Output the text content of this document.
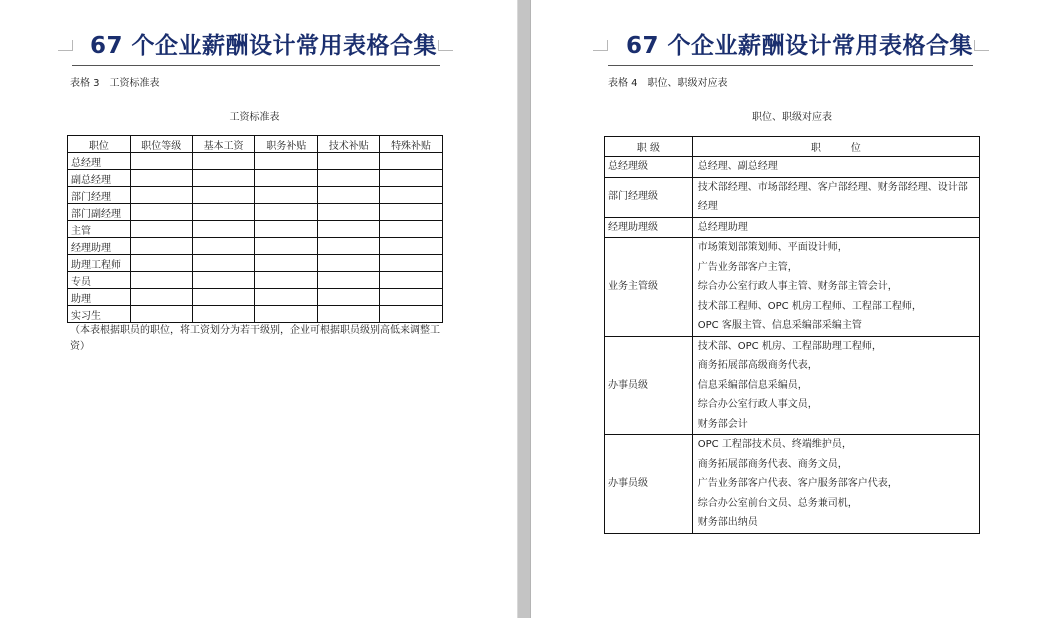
67 个企业薪酬设计常用表格合集
表格 3　工资标准表
工资标准表
职位	职位等级	基本工资	职务补贴	技术补贴	特殊补贴
总经理					
副总经理					
部门经理					
部门副经理					
主管					
经理助理					
助理工程师					
专员					
助理					
实习生					
（本表根据职员的职位，将工资划分为若干级别，企业可根据职员级别高低来调整工资）
67 个企业薪酬设计常用表格合集
表格 4　职位、职级对应表
职位、职级对应表
职 级	职　　　位
总经理级	总经理、副总经理

部门经理级	技术部经理、市场部经理、客户部经理、财务部经理、设计部经理

经理助理级	总经理助理

业务主管级	市场策划部策划师、平面设计师，
广告业务部客户主管，
综合办公室行政人事主管、财务部主管会计，
技术部工程师、OPC 机房工程师、工程部工程师，
OPC 客服主管、信息采编部采编主管

办事员级	技术部、OPC 机房、工程部助理工程师，
商务拓展部高级商务代表，
信息采编部信息采编员，
综合办公室行政人事文员，
财务部会计

办事员级	OPC 工程部技术员、终端维护员，
商务拓展部商务代表、商务文员，
广告业务部客户代表、客户服务部客户代表，
综合办公室前台文员、总务兼司机，
财务部出纳员
